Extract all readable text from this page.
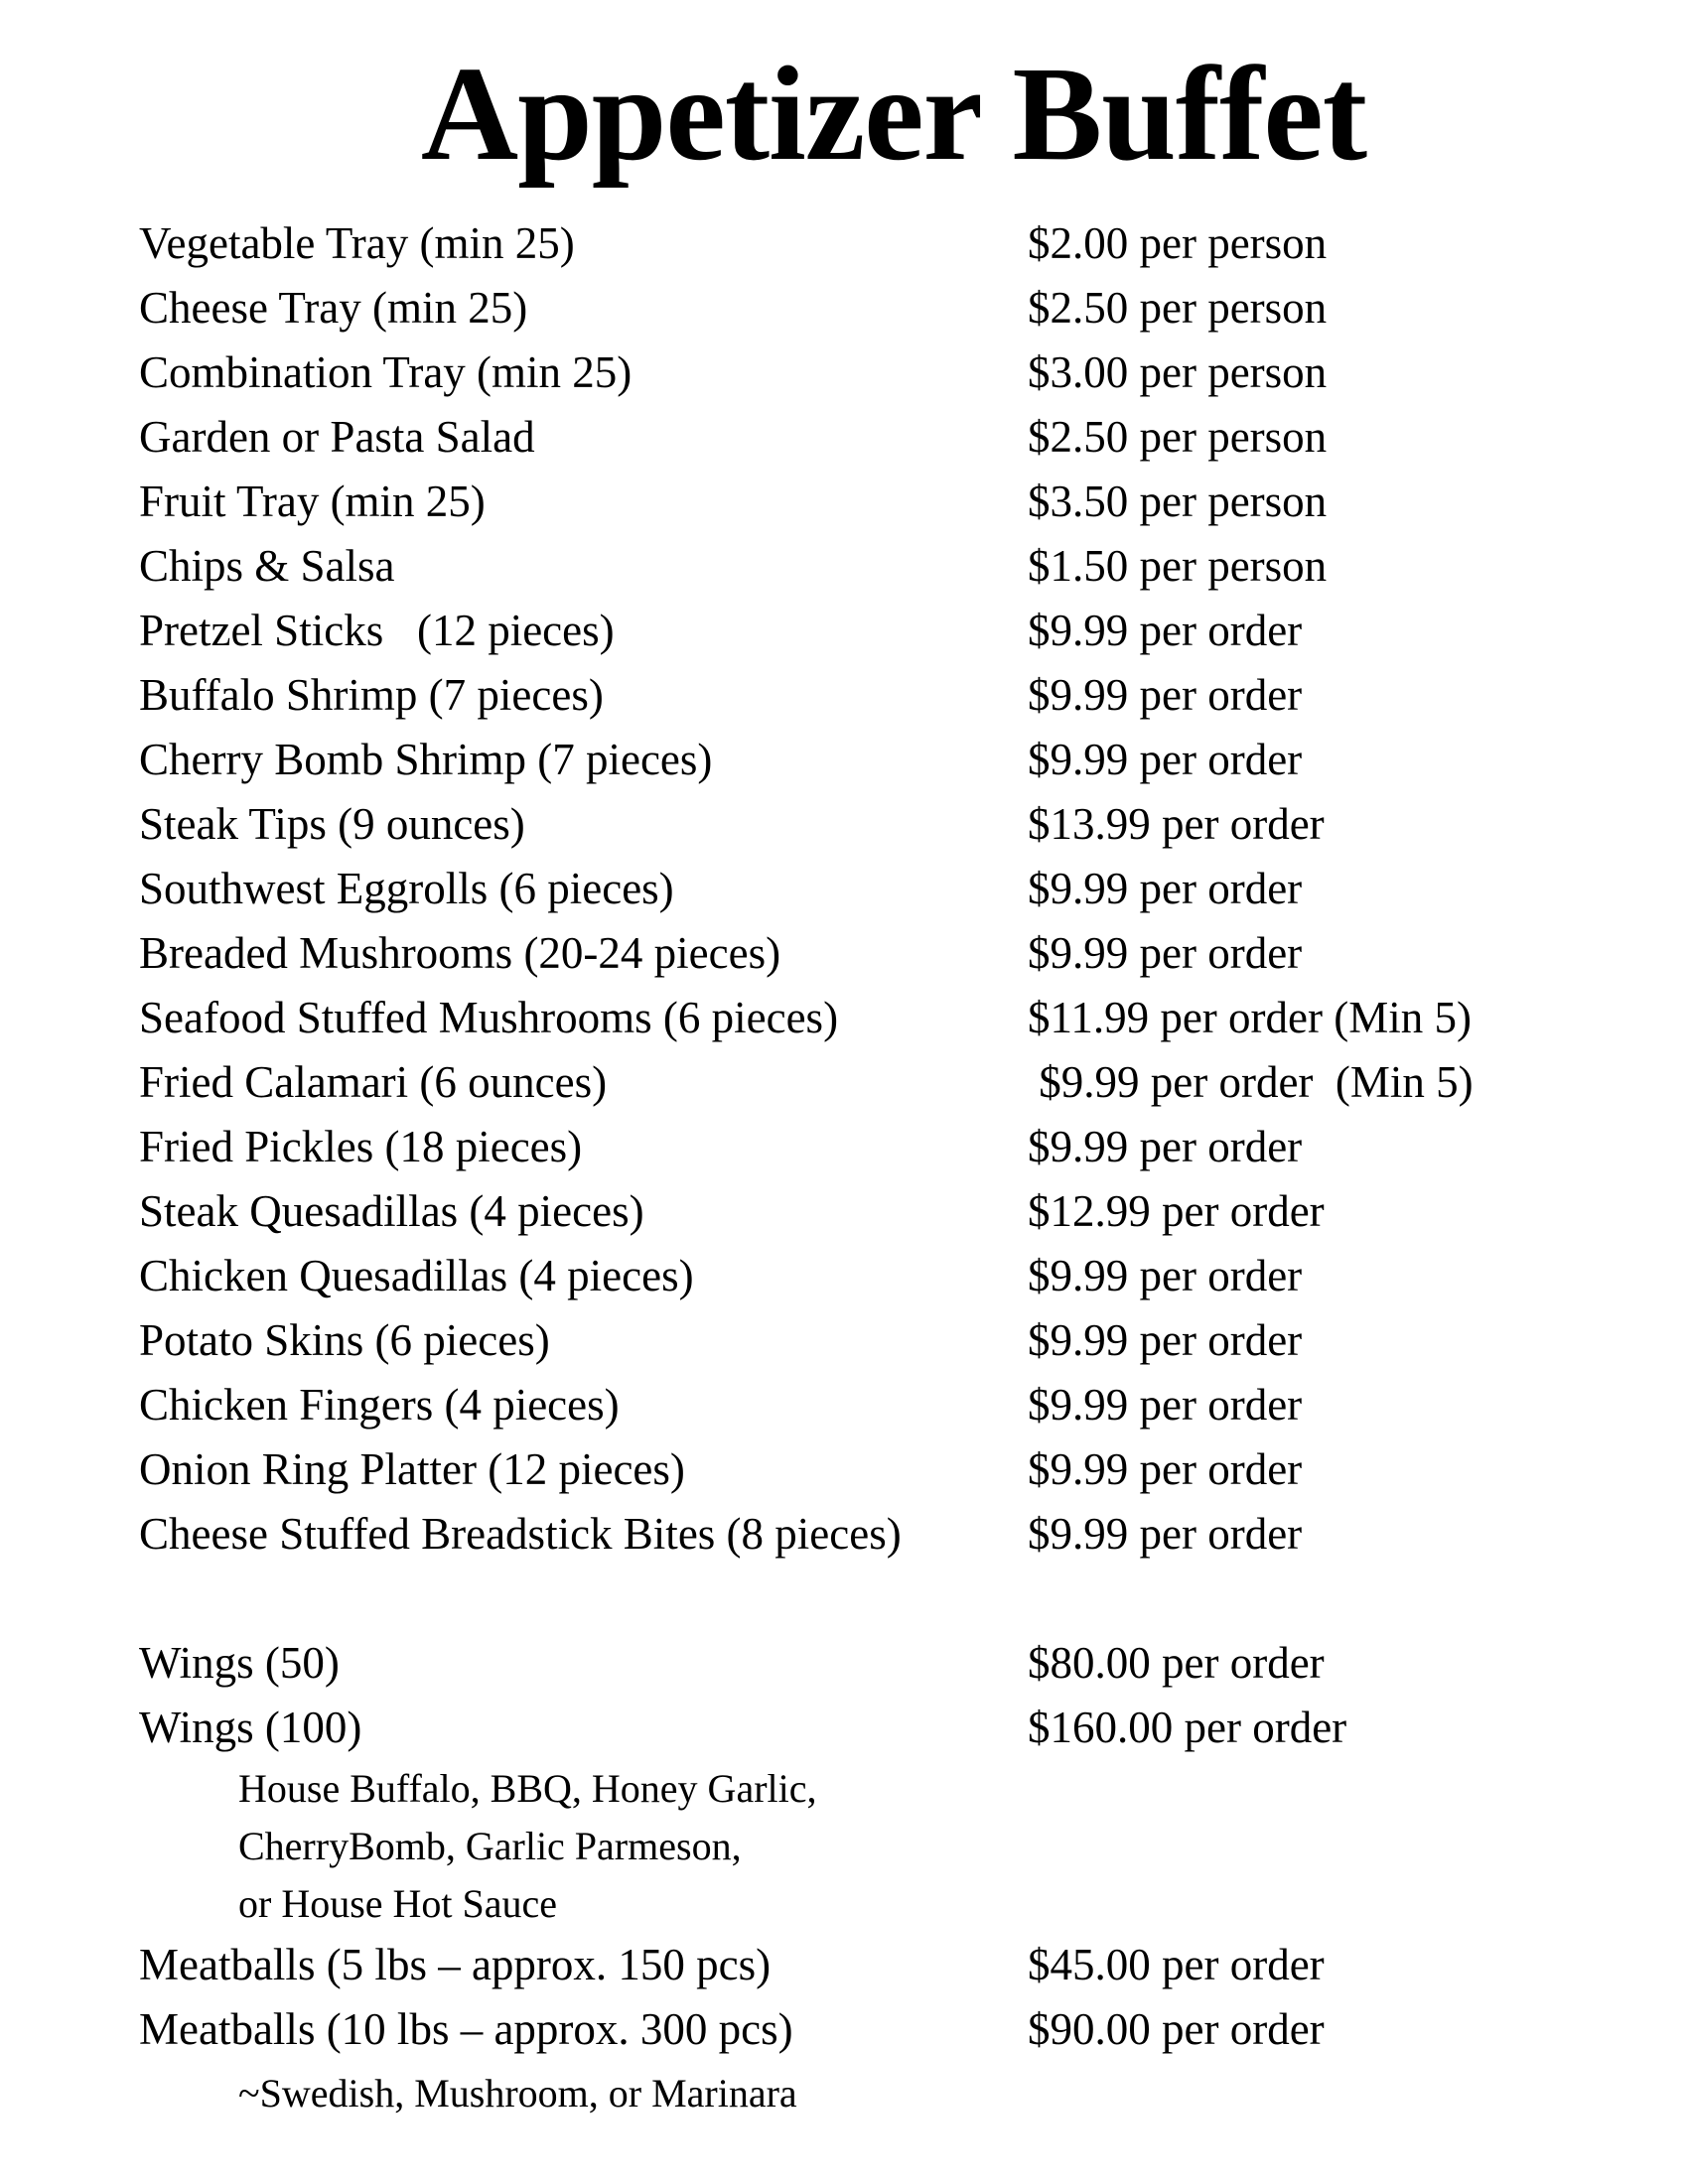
Appetizer Buffet
Vegetable Tray (min 25)	$2.00 per person
Cheese Tray (min 25)	$2.50 per person
Combination Tray (min 25)	$3.00 per person
Garden or Pasta Salad	$2.50 per person
Fruit Tray (min 25)	$3.50 per person
Chips & Salsa	$1.50 per person
Pretzel Sticks   (12 pieces)	$9.99 per order
Buffalo Shrimp (7 pieces)	$9.99 per order
Cherry Bomb Shrimp (7 pieces)	$9.99 per order
Steak Tips (9 ounces)	$13.99 per order
Southwest Eggrolls (6 pieces)	$9.99 per order
Breaded Mushrooms (20-24 pieces)	$9.99 per order
Seafood Stuffed Mushrooms (6 pieces)	$11.99 per order (Min 5)
Fried Calamari (6 ounces)	$9.99 per order  (Min 5)
Fried Pickles (18 pieces)	$9.99 per order
Steak Quesadillas (4 pieces)	$12.99 per order
Chicken Quesadillas (4 pieces)	$9.99 per order
Potato Skins (6 pieces)	$9.99 per order
Chicken Fingers (4 pieces)	$9.99 per order
Onion Ring Platter (12 pieces)	$9.99 per order
Cheese Stuffed Breadstick Bites (8 pieces)	$9.99 per order
Wings (50)	$80.00 per order
Wings (100)	$160.00 per order
House Buffalo, BBQ, Honey Garlic,
CherryBomb, Garlic Parmeson,
or House Hot Sauce
Meatballs (5 lbs – approx. 150 pcs)	$45.00 per order
Meatballs (10 lbs – approx. 300 pcs)	$90.00 per order
~Swedish, Mushroom, or Marinara
